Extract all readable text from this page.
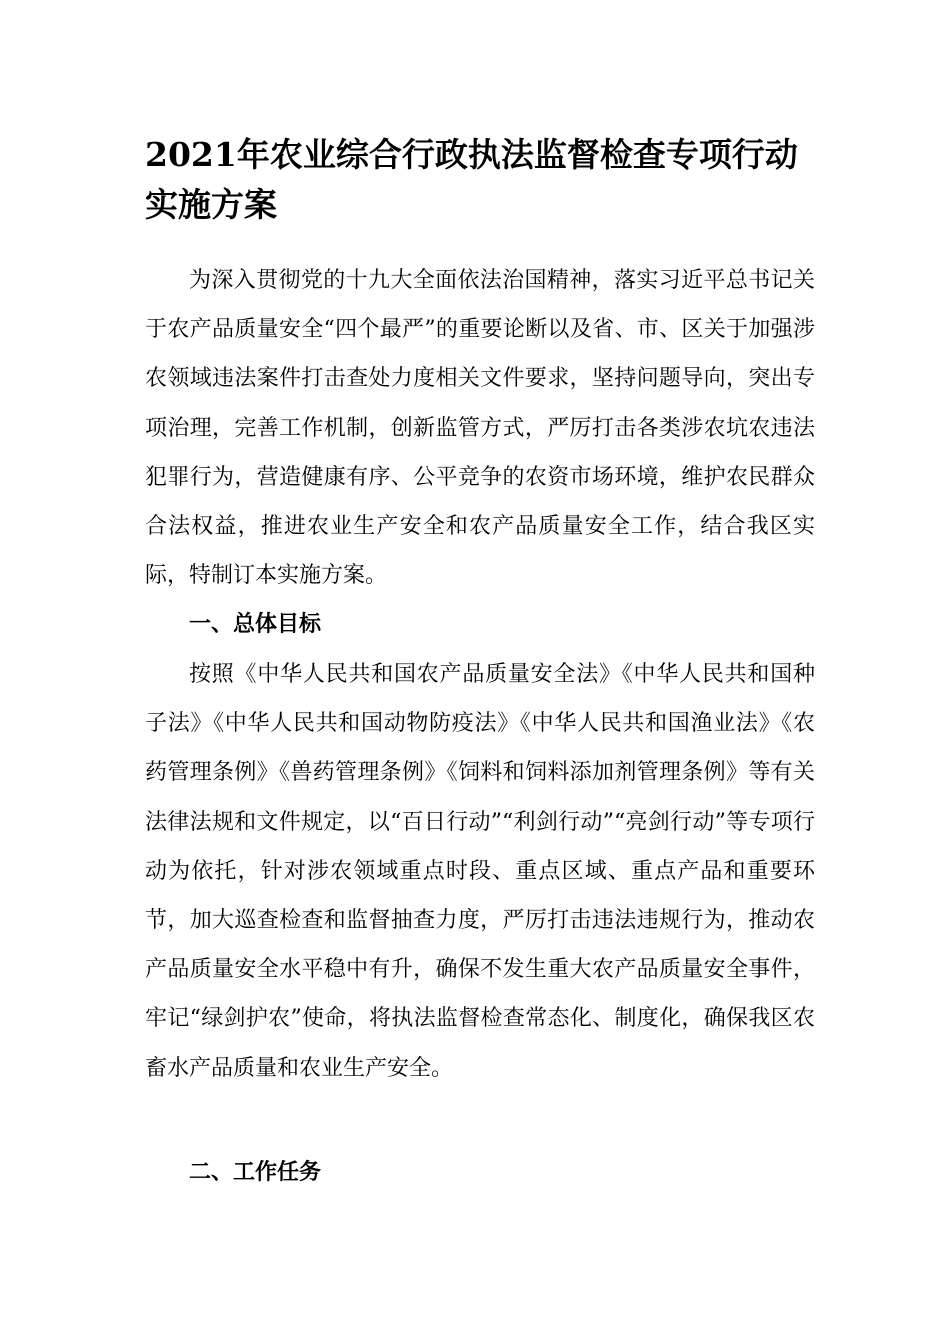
2021年农业综合行政执法监督检查专项行动实施方案

为深入贯彻党的十九大全面依法治国精神，落实习近平总书记关于农产品质量安全“四个最严”的重要论断以及省、市、区关于加强涉农领域违法案件打击查处力度相关文件要求，坚持问题导向，突出专项治理，完善工作机制，创新监管方式，严厉打击各类涉农坑农违法犯罪行为，营造健康有序、公平竞争的农资市场环境，维护农民群众合法权益，推进农业生产安全和农产品质量安全工作，结合我区实际，特制订本实施方案。

一、总体目标

按照《中华人民共和国农产品质量安全法》《中华人民共和国种子法》《中华人民共和国动物防疫法》《中华人民共和国渔业法》《农药管理条例》《兽药管理条例》《饲料和饲料添加剂管理条例》等有关法律法规和文件规定，以“百日行动”“利剑行动”“亮剑行动”等专项行动为依托，针对涉农领域重点时段、重点区域、重点产品和重要环节，加大巡查检查和监督抽查力度，严厉打击违法违规行为，推动农产品质量安全水平稳中有升，确保不发生重大农产品质量安全事件，牢记“绿剑护农”使命，将执法监督检查常态化、制度化，确保我区农畜水产品质量和农业生产安全。

二、工作任务
